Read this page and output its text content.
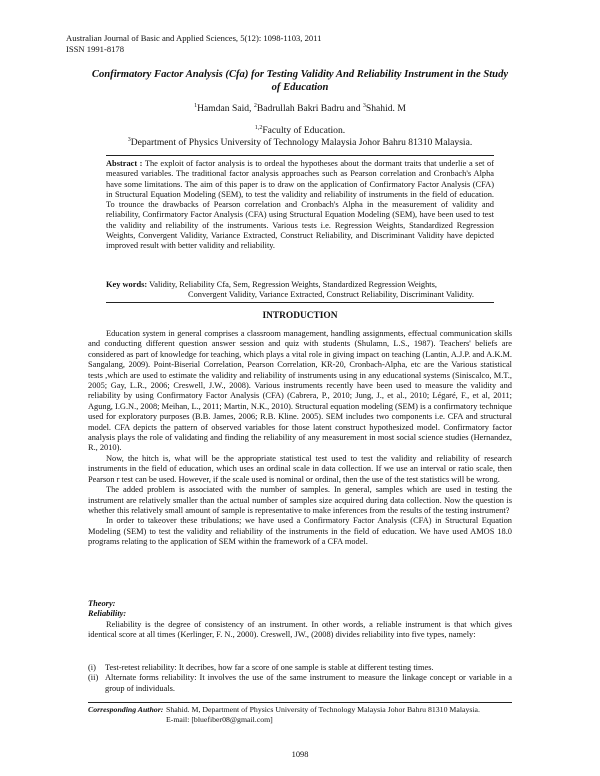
Australian Journal of Basic and Applied Sciences, 5(12): 1098-1103, 2011
ISSN 1991-8178
Confirmatory Factor Analysis (Cfa) for Testing Validity And Reliability Instrument in the Study of Education
$^1$Hamdan Said, $^2$Badrullah Bakri Badru and $^3$Shahid. M
$^{1,2}$Faculty of Education.
$^3$Department of Physics University of Technology Malaysia Johor Bahru 81310 Malaysia.
Abstract : The exploit of factor analysis is to ordeal the hypotheses about the dormant traits that underlie a set of measured variables. The traditional factor analysis approaches such as Pearson correlation and Cronbach's Alpha have some limitations. The aim of this paper is to draw on the application of Confirmatory Factor Analysis (CFA) in Structural Equation Modeling (SEM), to test the validity and reliability of instruments in the field of education. To trounce the drawbacks of Pearson correlation and Cronbach's Alpha in the measurement of validity and reliability, Confirmatory Factor Analysis (CFA) using Structural Equation Modeling (SEM), have been used to test the validity and reliability of the instruments. Various tests i.e. Regression Weights, Standardized Regression Weights, Convergent Validity, Variance Extracted, Construct Reliability, and Discriminant Validity have depicted improved result with better validity and reliability.
Key words: Validity, Reliability Cfa, Sem, Regression Weights, Standardized Regression Weights,
Convergent Validity, Variance Extracted, Construct Reliability, Discriminant Validity.
INTRODUCTION

Education system in general comprises a classroom management, handling assignments, effectual communication skills and conducting different question answer session and quiz with students (Shulamn, L.S., 1987). Teachers' beliefs are considered as part of knowledge for teaching, which plays a vital role in giving impact on teaching (Lantin, A.J.P. and A.K.M. Sangalang, 2009). Point-Biserial Correlation, Pearson Correlation, KR-20, Cronbach-Alpha, etc are the Various statistical tests ,which are used to estimate the validity and reliability of instruments using in any educational systems (Siniscalco, M.T., 2005; Gay, L.R., 2006; Creswell, J.W., 2008). Various instruments recently have been used to measure the validity and reliability by using Confirmatory Factor Analysis (CFA) (Cabrera, P., 2010; Jung, J., et al., 2010; Légaré, F., et al, 2011; Agung, I.G.N., 2008; Meihan, L., 2011; Martin, N.K., 2010). Structural equation modeling (SEM) is a confirmatory technique used for exploratory purposes (B.B. James, 2006; R.B. Kline. 2005). SEM includes two components i.e. CFA and structural model. CFA depicts the pattern of observed variables for those latent construct hypothesized model. Confirmatory factor analysis plays the role of validating and finding the reliability of any measurement in most social science studies (Hernandez, R., 2010).

Now, the hitch is, what will be the appropriate statistical test used to test the validity and reliability of research instruments in the field of education, which uses an ordinal scale in data collection. If we use an interval or ratio scale, then Pearson r test can be used. However, if the scale used is nominal or ordinal, then the use of the test statistics will be wrong.

The added problem is associated with the number of samples. In general, samples which are used in testing the instrument are relatively smaller than the actual number of samples size acquired during data collection. Now the question is whether this relatively small amount of sample is representative to make inferences from the results of the testing instrument?

In order to takeover these tribulations; we have used a Confirmatory Factor Analysis (CFA) in Structural Equation Modeling (SEM) to test the validity and reliability of the instruments in the field of education. We have used AMOS 18.0 programs relating to the application of SEM within the framework of a CFA model.

Theory:
Reliability:

Reliability is the degree of consistency of an instrument. In other words, a reliable instrument is that which gives identical score at all times (Kerlinger, F. N., 2000). Creswell, JW., (2008) divides reliability into five types, namely:

(i) Test-retest reliability: It decribes, how far a score of one sample is stable at different testing times.
(ii) Alternate forms reliability: It involves the use of the same instrument to measure the linkage concept or variable in a group of individuals.
Corresponding Author: Shahid. M, Department of Physics University of Technology Malaysia Johor Bahru 81310 Malaysia.
E-mail: [bluefiber08@gmail.com]
1098
